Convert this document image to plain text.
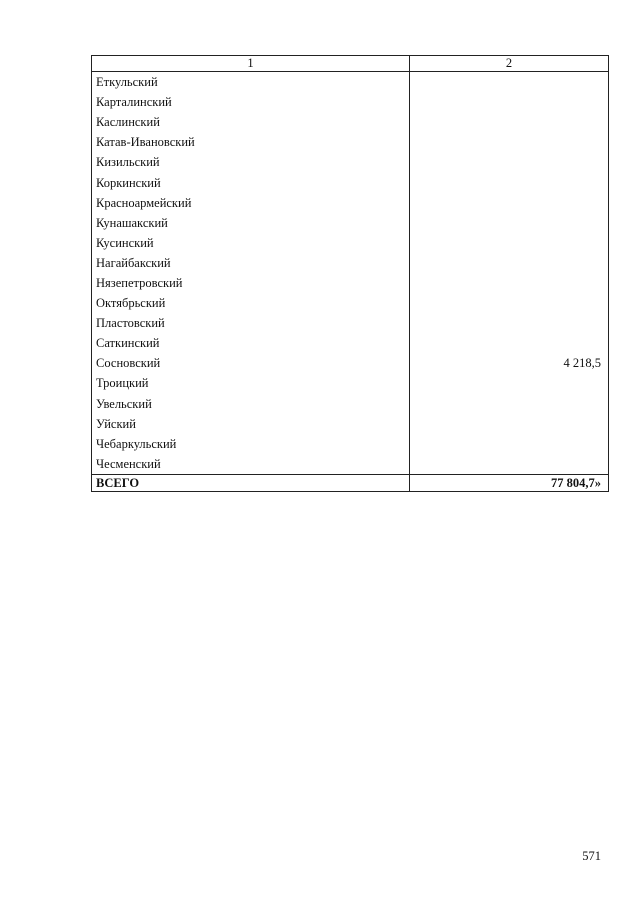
1	2
Еткульский	
Карталинский	
Каслинский	
Катав-Ивановский	
Кизильский	
Коркинский	
Красноармейский	
Кунашакский	
Кусинский	
Нагайбакский	
Нязепетровский	
Октябрьский	
Пластовский	
Саткинский	
Сосновский	4 218,5
Троицкий	
Увельский	
Уйский	
Чебаркульский	
Чесменский	
ВСЕГО	77 804,7»
571
